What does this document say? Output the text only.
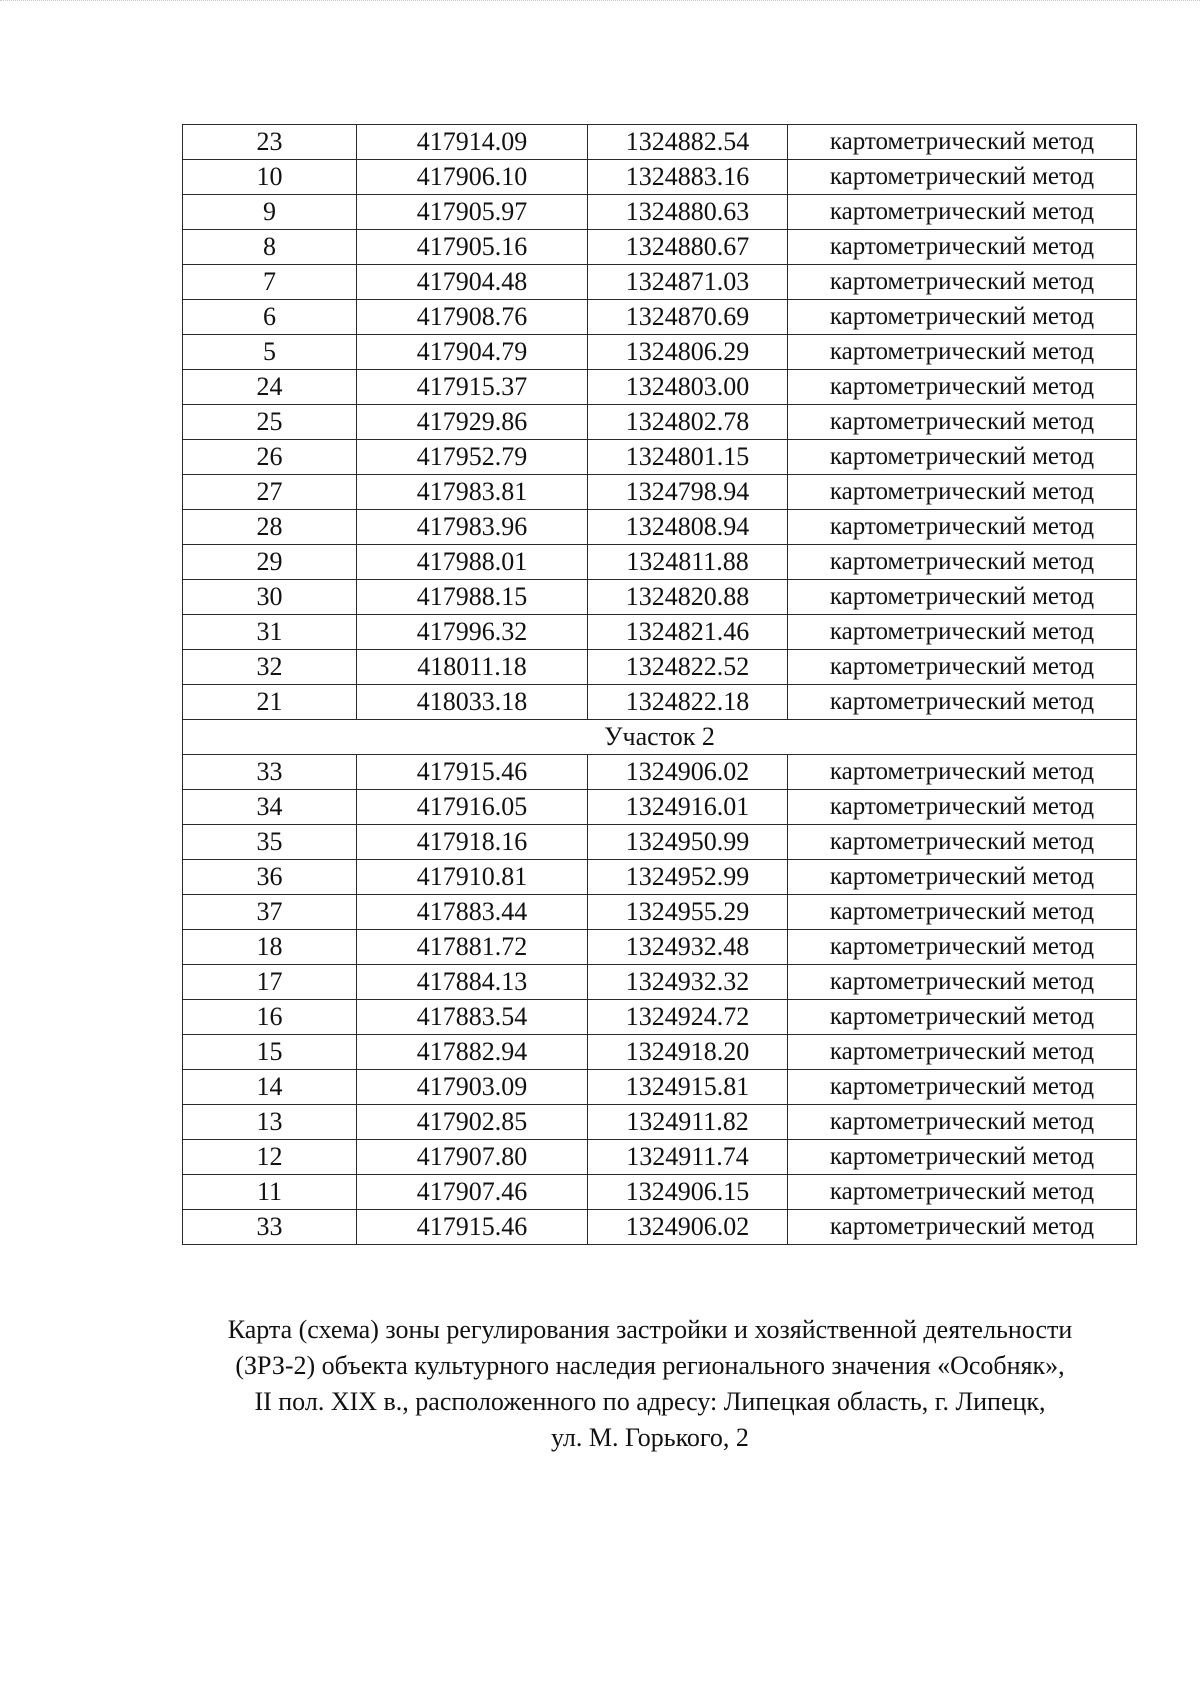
23	417914.09	1324882.54	картометрический метод
10	417906.10	1324883.16	картометрический метод
9	417905.97	1324880.63	картометрический метод
8	417905.16	1324880.67	картометрический метод
7	417904.48	1324871.03	картометрический метод
6	417908.76	1324870.69	картометрический метод
5	417904.79	1324806.29	картометрический метод
24	417915.37	1324803.00	картометрический метод
25	417929.86	1324802.78	картометрический метод
26	417952.79	1324801.15	картометрический метод
27	417983.81	1324798.94	картометрический метод
28	417983.96	1324808.94	картометрический метод
29	417988.01	1324811.88	картометрический метод
30	417988.15	1324820.88	картометрический метод
31	417996.32	1324821.46	картометрический метод
32	418011.18	1324822.52	картометрический метод
21	418033.18	1324822.18	картометрический метод
Участок 2			
33	417915.46	1324906.02	картометрический метод
34	417916.05	1324916.01	картометрический метод
35	417918.16	1324950.99	картометрический метод
36	417910.81	1324952.99	картометрический метод
37	417883.44	1324955.29	картометрический метод
18	417881.72	1324932.48	картометрический метод
17	417884.13	1324932.32	картометрический метод
16	417883.54	1324924.72	картометрический метод
15	417882.94	1324918.20	картометрический метод
14	417903.09	1324915.81	картометрический метод
13	417902.85	1324911.82	картометрический метод
12	417907.80	1324911.74	картометрический метод
11	417907.46	1324906.15	картометрический метод
33	417915.46	1324906.02	картометрический метод

Карта (схема) зоны регулирования застройки и хозяйственной деятельности

(ЗРЗ-2) объекта культурного наследия регионального значения «Особняк»,

II пол. XIX в., расположенного по адресу: Липецкая область, г. Липецк,

ул. М. Горького, 2
